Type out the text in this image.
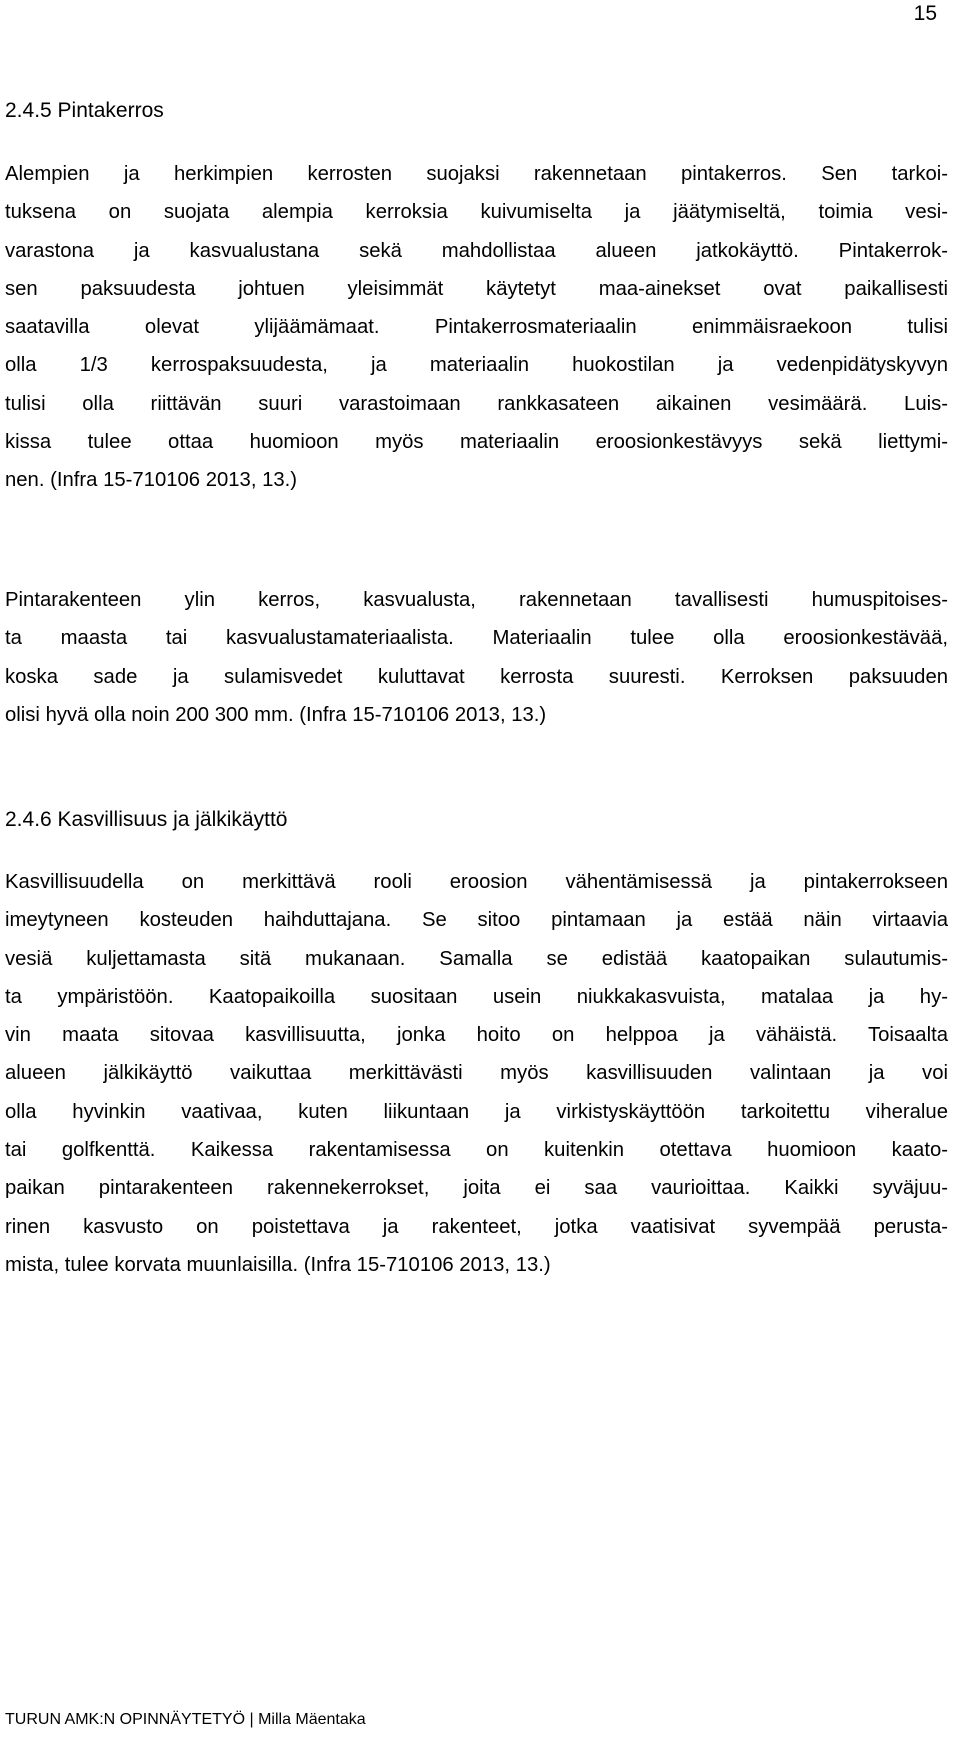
15
2.4.5 Pintakerros
Alempien ja herkimpien kerrosten suojaksi rakennetaan pintakerros. Sen tarkoi-
tuksena on suojata alempia kerroksia kuivumiselta ja jäätymiseltä, toimia vesi-
varastona ja kasvualustana sekä mahdollistaa alueen jatkokäyttö. Pintakerrok-
sen paksuudesta johtuen yleisimmät käytetyt maa-ainekset ovat paikallisesti
saatavilla olevat ylijäämämaat. Pintakerrosmateriaalin enimmäisraekoon tulisi
olla 1/3 kerrospaksuudesta, ja materiaalin huokostilan ja vedenpidätyskyvyn
tulisi olla riittävän suuri varastoimaan rankkasateen aikainen vesimäärä. Luis-
kissa tulee ottaa huomioon myös materiaalin eroosionkestävyys sekä liettymi-
nen. (Infra 15-710106 2013, 13.)
Pintarakenteen ylin kerros, kasvualusta, rakennetaan tavallisesti humuspitoises-
ta maasta tai kasvualustamateriaalista. Materiaalin tulee olla eroosionkestävää,
koska sade ja sulamisvedet kuluttavat kerrosta suuresti. Kerroksen paksuuden
olisi hyvä olla noin 200 300 mm. (Infra 15-710106 2013, 13.)
2.4.6 Kasvillisuus ja jälkikäyttö
Kasvillisuudella on merkittävä rooli eroosion vähentämisessä ja pintakerrokseen
imeytyneen kosteuden haihduttajana. Se sitoo pintamaan ja estää näin virtaavia
vesiä kuljettamasta sitä mukanaan. Samalla se edistää kaatopaikan sulautumis-
ta ympäristöön. Kaatopaikoilla suositaan usein niukkakasvuista, matalaa ja hy-
vin maata sitovaa kasvillisuutta, jonka hoito on helppoa ja vähäistä. Toisaalta
alueen jälkikäyttö vaikuttaa merkittävästi myös kasvillisuuden valintaan ja voi
olla hyvinkin vaativaa, kuten liikuntaan ja virkistyskäyttöön tarkoitettu viheralue
tai golfkenttä. Kaikessa rakentamisessa on kuitenkin otettava huomioon kaato-
paikan pintarakenteen rakennekerrokset, joita ei saa vaurioittaa. Kaikki syväjuu-
rinen kasvusto on poistettava ja rakenteet, jotka vaatisivat syvempää perusta-
mista, tulee korvata muunlaisilla. (Infra 15-710106 2013, 13.)
TURUN AMK:N OPINNÄYTETYÖ | Milla Mäentaka
